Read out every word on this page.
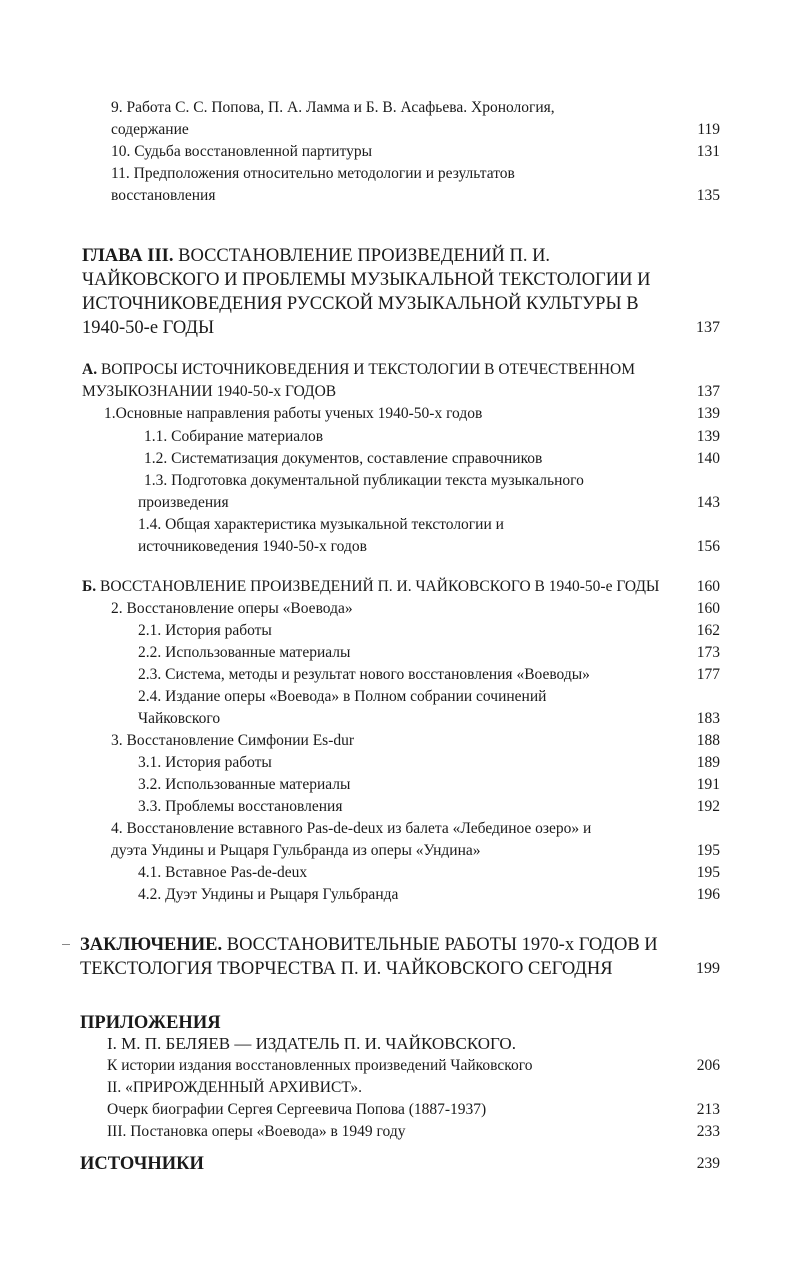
9. Работа С. С. Попова, П. А. Ламма и Б. В. Асафьева. Хронология,
содержание	119
10. Судьба восстановленной партитуры	131
11. Предположения относительно методологии и результатов
восстановления	135
ГЛАВА III. ВОССТАНОВЛЕНИЕ ПРОИЗВЕДЕНИЙ П. И.
ЧАЙКОВСКОГО И ПРОБЛЕМЫ МУЗЫКАЛЬНОЙ ТЕКСТОЛОГИИ И
ИСТОЧНИКОВЕДЕНИЯ РУССКОЙ МУЗЫКАЛЬНОЙ КУЛЬТУРЫ В
1940-50-е ГОДЫ	137
А. ВОПРОСЫ ИСТОЧНИКОВЕДЕНИЯ И ТЕКСТОЛОГИИ В ОТЕЧЕСТВЕННОМ
МУЗЫКОЗНАНИИ 1940-50-х ГОДОВ	137
1.Основные направления работы ученых 1940-50-х годов	139
1.1. Собирание материалов	139
1.2. Систематизация документов, составление справочников	140
1.3. Подготовка документальной публикации текста музыкального
произведения	143
1.4. Общая характеристика музыкальной текстологии и
источниковедения 1940-50-х годов	156
Б. ВОССТАНОВЛЕНИЕ ПРОИЗВЕДЕНИЙ П. И. ЧАЙКОВСКОГО В 1940-50-е ГОДЫ 160
2. Восстановление оперы «Воевода»	160
2.1. История работы	162
2.2. Использованные материалы	173
2.3. Система, методы и результат нового восстановления «Воеводы»	177
2.4. Издание оперы «Воевода» в Полном собрании сочинений
Чайковского	183
3. Восстановление Симфонии Es-dur	188
3.1. История работы	189
3.2. Использованные материалы	191
3.3. Проблемы восстановления	192
4. Восстановление вставного Pas-de-deux из балета «Лебединое озеро» и
дуэта Ундины и Рыцаря Гульбранда из оперы «Ундина»	195
4.1. Вставное Pas-de-deux	195
4.2. Дуэт Ундины и Рыцаря Гульбранда	196
ЗАКЛЮЧЕНИЕ. ВОССТАНОВИТЕЛЬНЫЕ РАБОТЫ 1970-х ГОДОВ И
ТЕКСТОЛОГИЯ ТВОРЧЕСТВА П. И. ЧАЙКОВСКОГО СЕГОДНЯ	199
ПРИЛОЖЕНИЯ
I. М. П. БЕЛЯЕВ — ИЗДАТЕЛЬ П. И. ЧАЙКОВСКОГО.
К истории издания восстановленных произведений Чайковского	206
II. «ПРИРОЖДЕННЫЙ АРХИВИСТ».
Очерк биографии Сергея Сергеевича Попова (1887-1937)	213
III. Постановка оперы «Воевода» в 1949 году	233
ИСТОЧНИКИ	239
